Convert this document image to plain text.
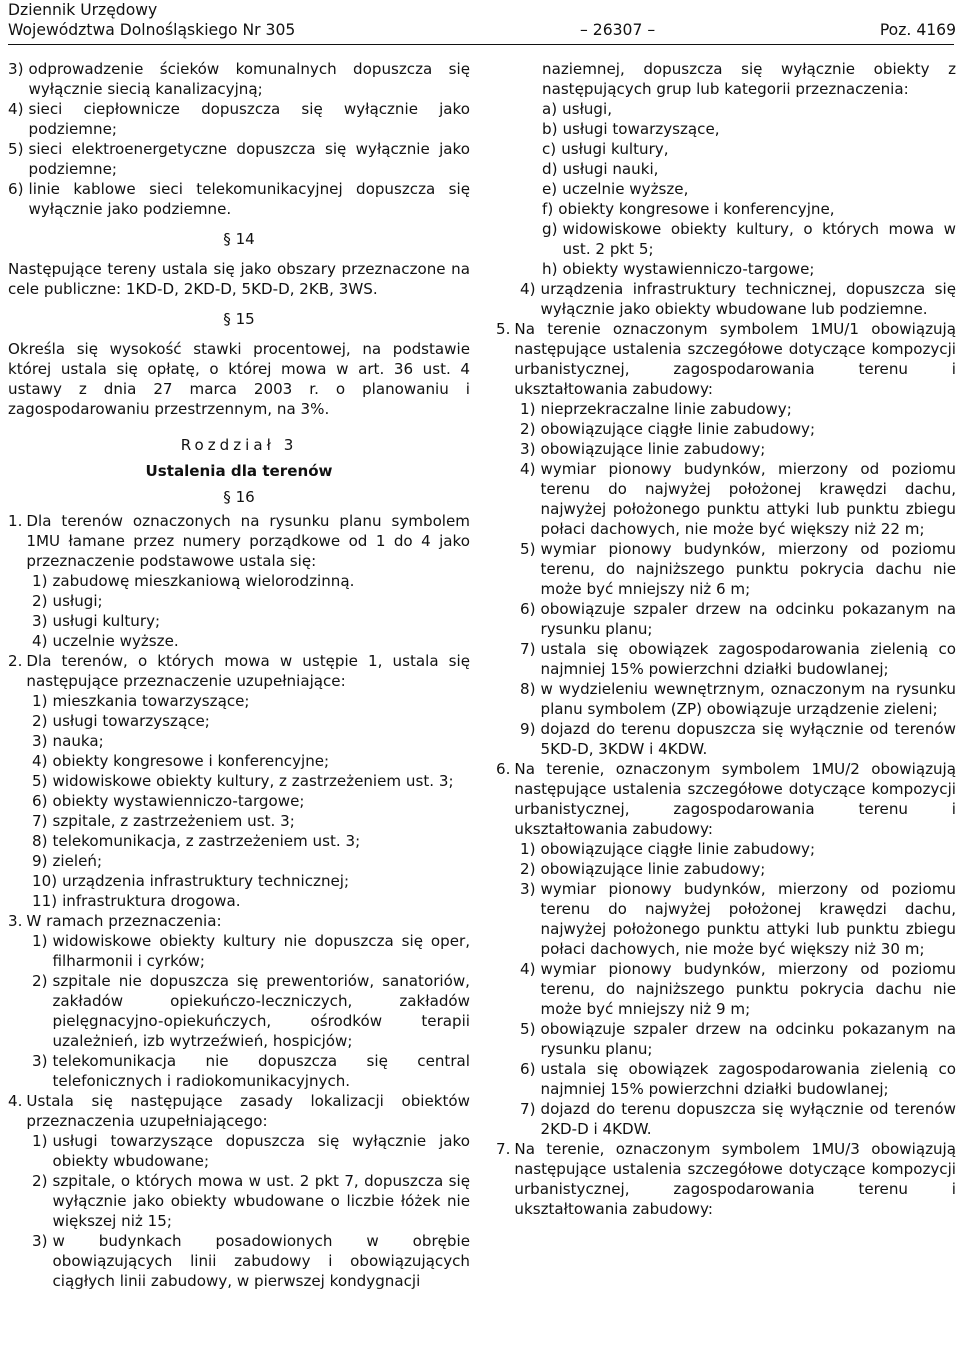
Dziennik Urzędowy
Województwa Dolnośląskiego Nr 305	– 26307 –	Poz. 4169
3) odprowadzenie ścieków komunalnych dopuszcza się wyłącznie siecią kanalizacyjną;
4) sieci ciepłownicze dopuszcza się wyłącznie jako podziemne;
5) sieci elektroenergetyczne dopuszcza się wyłącznie jako podziemne;
6) linie kablowe sieci telekomunikacyjnej dopuszcza się wyłącznie jako podziemne.
§ 14
Następujące tereny ustala się jako obszary przeznaczone na cele publiczne: 1KD-D, 2KD-D, 5KD-D, 2KB, 3WS.
§ 15
Określa się wysokość stawki procentowej, na podstawie której ustala się opłatę, o której mowa w art. 36 ust. 4 ustawy z dnia 27 marca 2003 r. o planowaniu i zagospodarowaniu przestrzennym, na 3%.
Rozdział 3
Ustalenia dla terenów
§ 16
1. Dla terenów oznaczonych na rysunku planu symbolem 1MU łamane przez numery porządkowe od 1 do 4 jako przeznaczenie podstawowe ustala się:
1) zabudowę mieszkaniową wielorodzinną.
2) usługi;
3) usługi kultury;
4) uczelnie wyższe.
2. Dla terenów, o których mowa w ustępie 1, ustala się następujące przeznaczenie uzupełniające:
1) mieszkania towarzyszące;
2) usługi towarzyszące;
3) nauka;
4) obiekty kongresowe i konferencyjne;
5) widowiskowe obiekty kultury, z zastrzeżeniem ust. 3;
6) obiekty wystawienniczo-targowe;
7) szpitale, z zastrzeżeniem ust. 3;
8) telekomunikacja, z zastrzeżeniem ust. 3;
9) zieleń;
10) urządzenia infrastruktury technicznej;
11) infrastruktura drogowa.
3. W ramach przeznaczenia:
1) widowiskowe obiekty kultury nie dopuszcza się oper, filharmonii i cyrków;
2) szpitale nie dopuszcza się prewentoriów, sanatoriów, zakładów opiekuńczo-leczniczych, zakładów pielęgnacyjno-opiekuńczych, ośrodków terapii uzależnień, izb wytrzeźwień, hospicjów;
3) telekomunikacja nie dopuszcza się central telefonicznych i radiokomunikacyjnych.
4. Ustala się następujące zasady lokalizacji obiektów przeznaczenia uzupełniającego:
1) usługi towarzyszące dopuszcza się wyłącznie jako obiekty wbudowane;
2) szpitale, o których mowa w ust. 2 pkt 7, dopuszcza się wyłącznie jako obiekty wbudowane o liczbie łóżek nie większej niż 15;
3) w budynkach posadowionych w obrębie obowiązujących linii zabudowy i obowiązujących ciągłych linii zabudowy, w pierwszej kondygnacji
naziemnej, dopuszcza się wyłącznie obiekty z następujących grup lub kategorii przeznaczenia:
a) usługi,
b) usługi towarzyszące,
c) usługi kultury,
d) usługi nauki,
e) uczelnie wyższe,
f) obiekty kongresowe i konferencyjne,
g) widowiskowe obiekty kultury, o których mowa w ust. 2 pkt 5;
h) obiekty wystawienniczo-targowe;
4) urządzenia infrastruktury technicznej, dopuszcza się wyłącznie jako obiekty wbudowane lub podziemne.
5. Na terenie oznaczonym symbolem 1MU/1 obowiązują następujące ustalenia szczegółowe dotyczące kompozycji urbanistycznej, zagospodarowania terenu i ukształtowania zabudowy:
1) nieprzekraczalne linie zabudowy;
2) obowiązujące ciągłe linie zabudowy;
3) obowiązujące linie zabudowy;
4) wymiar pionowy budynków, mierzony od poziomu terenu do najwyżej położonej krawędzi dachu, najwyżej położonego punktu attyki lub punktu zbiegu połaci dachowych, nie może być większy niż 22 m;
5) wymiar pionowy budynków, mierzony od poziomu terenu, do najniższego punktu pokrycia dachu nie może być mniejszy niż 6 m;
6) obowiązuje szpaler drzew na odcinku pokazanym na rysunku planu;
7) ustala się obowiązek zagospodarowania zielenią co najmniej 15% powierzchni działki budowlanej;
8) w wydzieleniu wewnętrznym, oznaczonym na rysunku planu symbolem (ZP) obowiązuje urządzenie zieleni;
9) dojazd do terenu dopuszcza się wyłącznie od terenów 5KD-D, 3KDW i 4KDW.
6. Na terenie, oznaczonym symbolem 1MU/2 obowiązują następujące ustalenia szczegółowe dotyczące kompozycji urbanistycznej, zagospodarowania terenu i ukształtowania zabudowy:
1) obowiązujące ciągłe linie zabudowy;
2) obowiązujące linie zabudowy;
3) wymiar pionowy budynków, mierzony od poziomu terenu do najwyżej położonej krawędzi dachu, najwyżej położonego punktu attyki lub punktu zbiegu połaci dachowych, nie może być większy niż 30 m;
4) wymiar pionowy budynków, mierzony od poziomu terenu, do najniższego punktu pokrycia dachu nie może być mniejszy niż 9 m;
5) obowiązuje szpaler drzew na odcinku pokazanym na rysunku planu;
6) ustala się obowiązek zagospodarowania zielenią co najmniej 15% powierzchni działki budowlanej;
7) dojazd do terenu dopuszcza się wyłącznie od terenów 2KD-D i 4KDW.
7. Na terenie, oznaczonym symbolem 1MU/3 obowiązują następujące ustalenia szczegółowe dotyczące kompozycji urbanistycznej, zagospodarowania terenu i ukształtowania zabudowy:
